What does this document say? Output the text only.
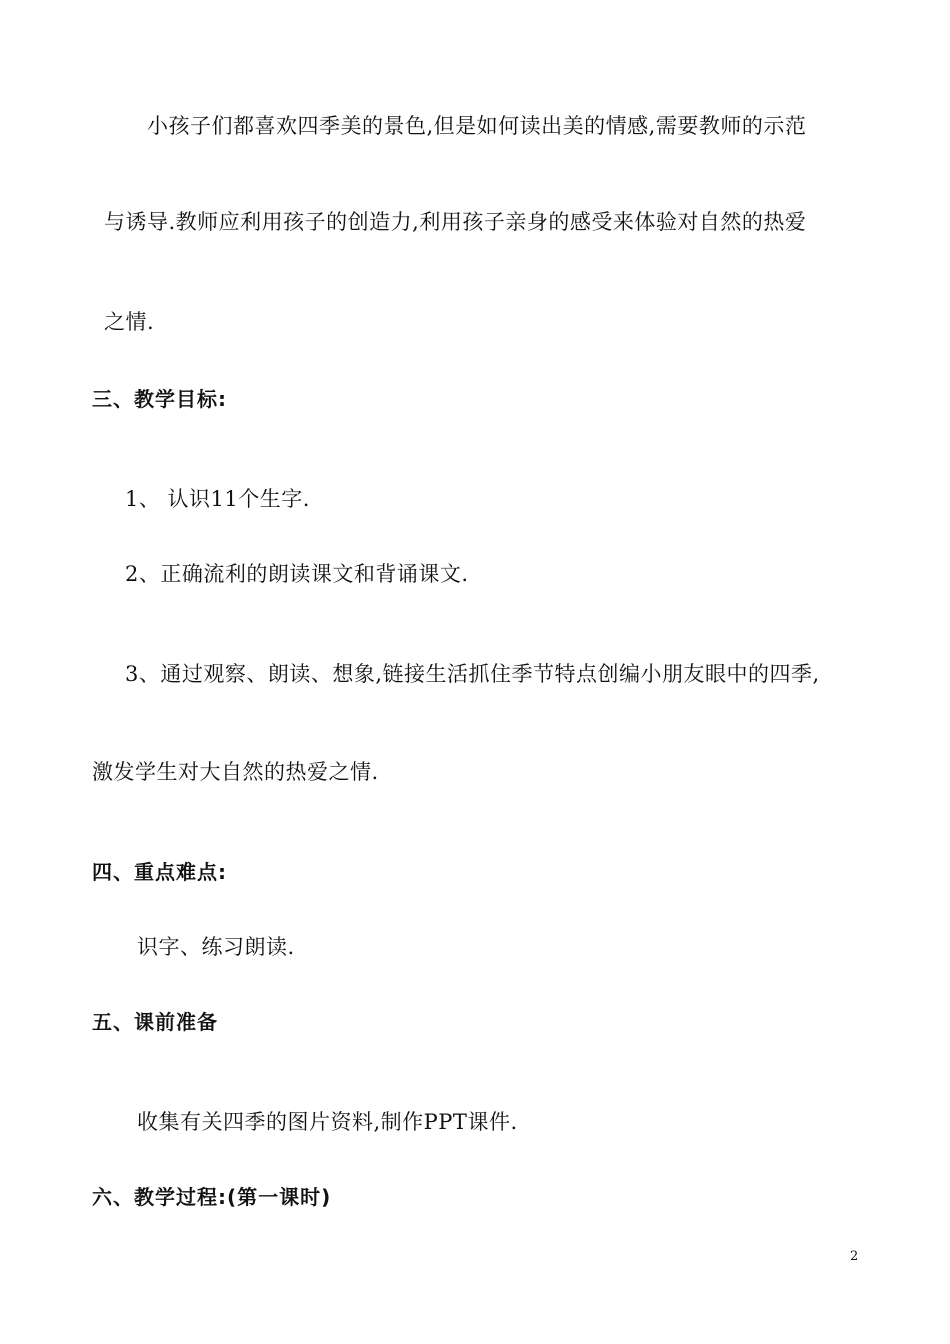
小孩子们都喜欢四季美的景色,但是如何读出美的情感,需要教师的示范
与诱导.教师应利用孩子的创造力,利用孩子亲身的感受来体验对自然的热爱
之情.
三、教学目标:
1、 认识11个生字.
2、正确流利的朗读课文和背诵课文.
3、通过观察、朗读、想象,链接生活抓住季节特点创编小朋友眼中的四季,
激发学生对大自然的热爱之情.
四、重点难点:
识字、练习朗读.
五、课前准备
收集有关四季的图片资料,制作PPT课件.
六、教学过程:(第一课时)
2
